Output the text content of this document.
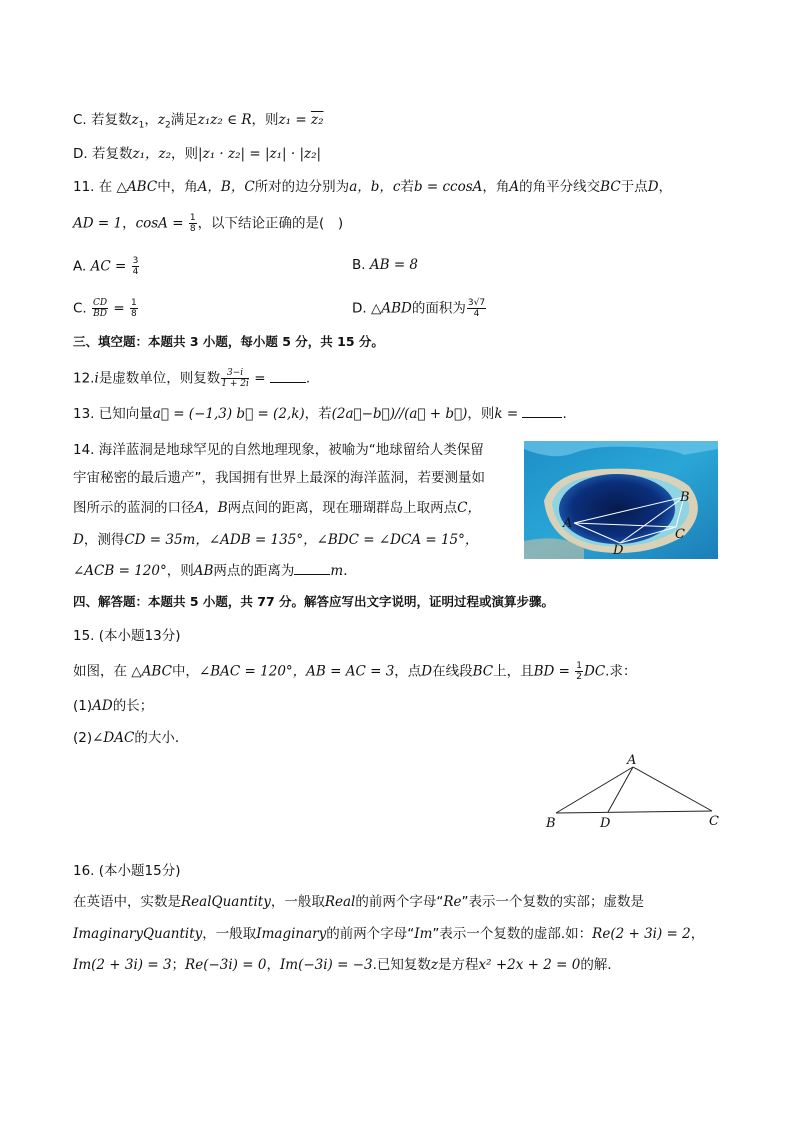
C. 若复数$z_1$，$z_2$满足z₁z₂ ∈ R，则z₁ = z₂
D. 若复数z₁，z₂，则|z₁ · z₂| = |z₁| · |z₂|
11. 在 △ABC中，角A，B，C所对的边分别为a，b，c若b = ccosA，角A的角平分线交BC于点D，
AD = 1，$\cos A = \frac{1}{8}$ ，以下结论正确的是(　)
A. AC = $\frac{3}{4}$	B. AB = 8
C. $\frac{CD}{BD} = \frac{1}{8}$	D. △ABD的面积为 $\frac{3√7}{4}$
三、填空题：本题共 3 小题，每小题 5 分，共 15 分。
12.i是虚数单位，则复数 $\frac{3-i}{1 + 2i}$ =	.
13. 已知向量a⃗ = (−1,3) b⃗ = (2,k)，若(2a⃗−b⃗)//(a⃗ + b⃗)，则k =	.
14. 海洋蓝洞是地球罕见的自然地理现象，被喻为“地球留给人类保留
宇宙秘密的最后遗产”，我国拥有世界上最深的海洋蓝洞，若要测量如
图所示的蓝洞的口径A，B两点间的距离，现在珊瑚群岛上取两点C，
D，测得CD = 35m，∠ADB = 135°，∠BDC = ∠DCA = 15°，
∠ACB = 120°，则AB两点的距离为	m.
A
B
C
D
四、解答题：本题共 5 小题，共 77 分。解答应写出文字说明，证明过程或演算步骤。
15. (本小题13分)
如图，在 △ABC中，∠BAC = 120°，AB = AC = 3，点D在线段BC上，且BD = $\frac{1}{2}$ DC.求：
(1)AD的长；
(2)∠DAC的大小．
A
B	C
D
16. (本小题15分)
在英语中，实数是RealQuantity，一般取Real的前两个字母“Re”表示一个复数的实部；虚数是
ImaginaryQuantity，一般取Imaginary的前两个字母“Im”表示一个复数的虚部.如：Re(2 + 3i) = 2，
Im(2 + 3i) = 3；Re(−3i) = 0，Im(−3i) = −3.已知复数z是方程x² +2x + 2 = 0的解．
